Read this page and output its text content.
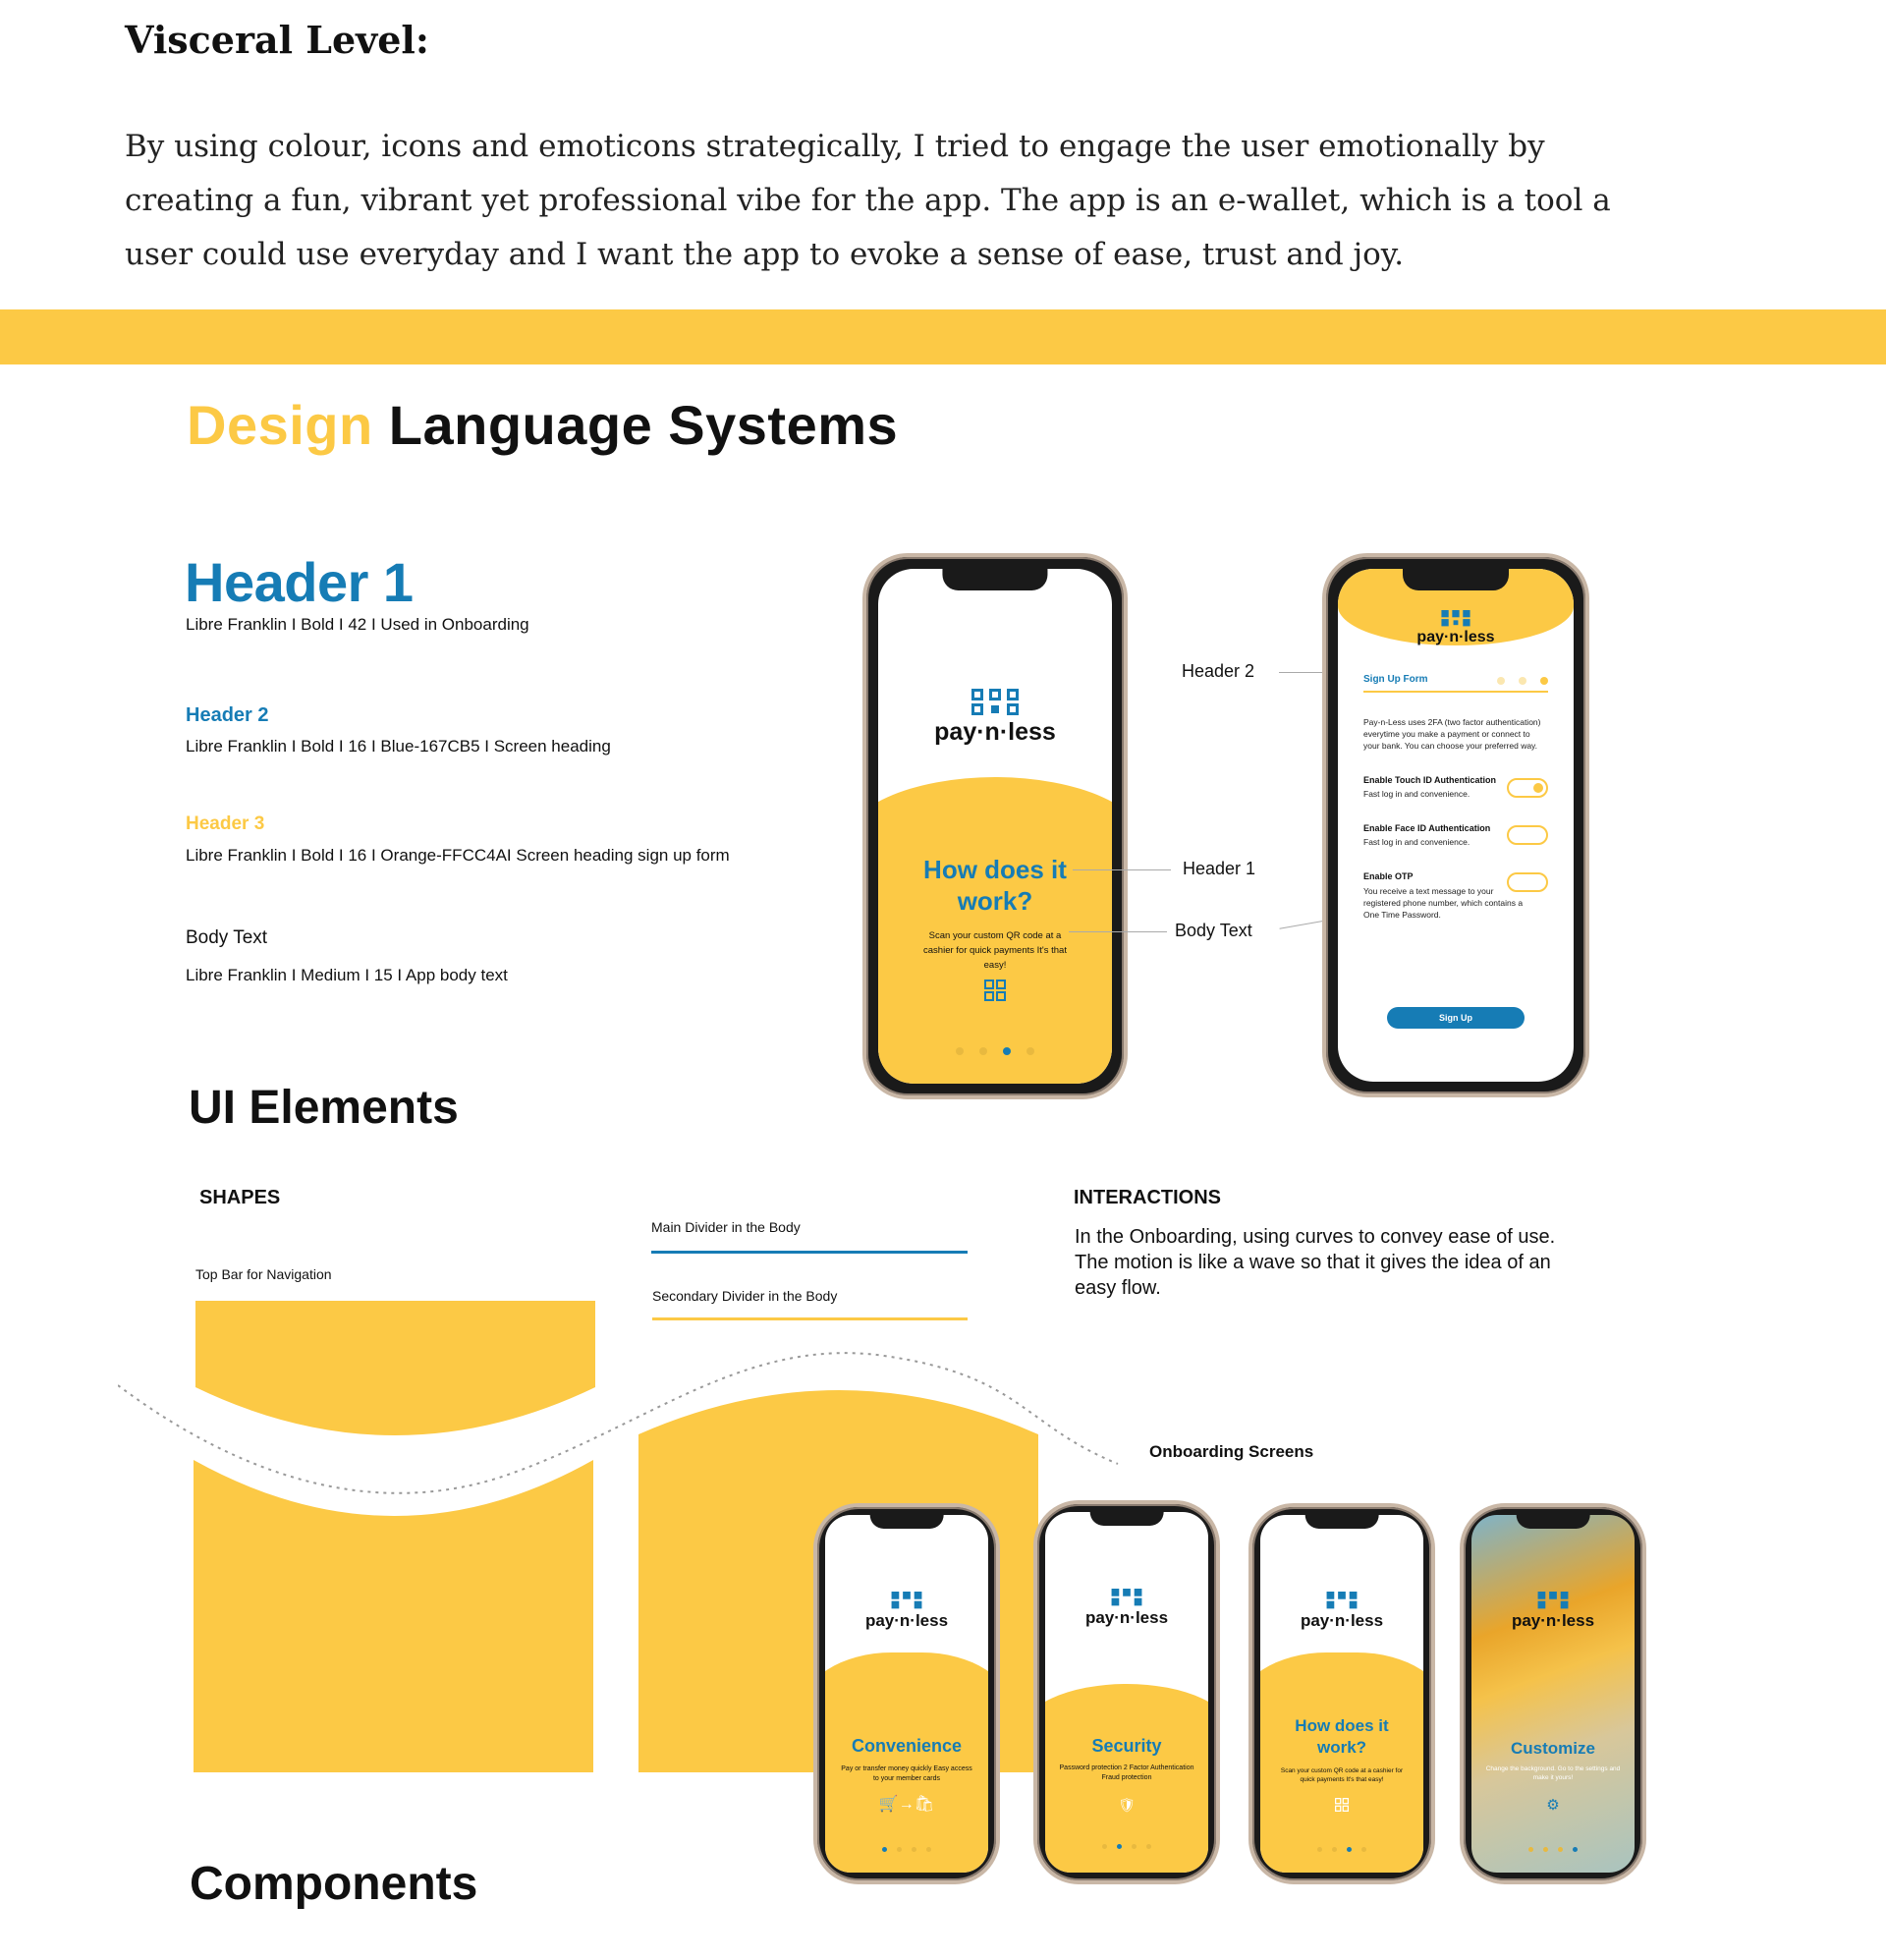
Visceral Level:
By using colour, icons and emoticons strategically, I tried to engage the user emotionally by creating a fun, vibrant yet professional vibe for the app. The app is an e-wallet, which is a tool a user could use everyday and I want the app to evoke a sense of ease, trust and joy.
Design Language Systems
Header 1
Libre Franklin I Bold I 42 I Used in Onboarding
Header 2
Libre Franklin I Bold I 16 I Blue-167CB5 I Screen heading
Header 3
Libre Franklin I Bold I 16 I Orange-FFCC4AI Screen heading sign up form
Body Text
Libre Franklin I Medium I 15 I App body text
pay·n·less
How does it work?
Scan your custom QR code at a cashier for quick payments It's that easy!
Header 2
Header 1
Body Text
pay·n·less
Sign Up Form
Pay-n-Less uses 2FA (two factor authentication) everytime you make a payment or connect to your bank. You can choose your preferred way.
Enable Touch ID Authentication
Fast log in and convenience.
Enable Face ID Authentication
Fast log in and convenience.
Enable OTP
You receive a text message to your registered phone number, which contains a One Time Password.
Sign Up
UI Elements
SHAPES
Top Bar for Navigation
Main Divider in the Body
Secondary Divider in the Body
INTERACTIONS
In the Onboarding, using curves to convey ease of use. The motion is like a wave so that it gives the idea of an easy flow.
Onboarding Screens
pay·n·less
Convenience
Pay or transfer money quickly Easy access to your member cards
🛒→🛍
pay·n·less
Security
Password protection 2 Factor Authentication Fraud protection
🛡
pay·n·less
How does it work?
Scan your custom QR code at a cashier for quick payments It's that easy!
pay·n·less
Customize
Change the background. Go to the settings and make it yours!
⚙
Components
